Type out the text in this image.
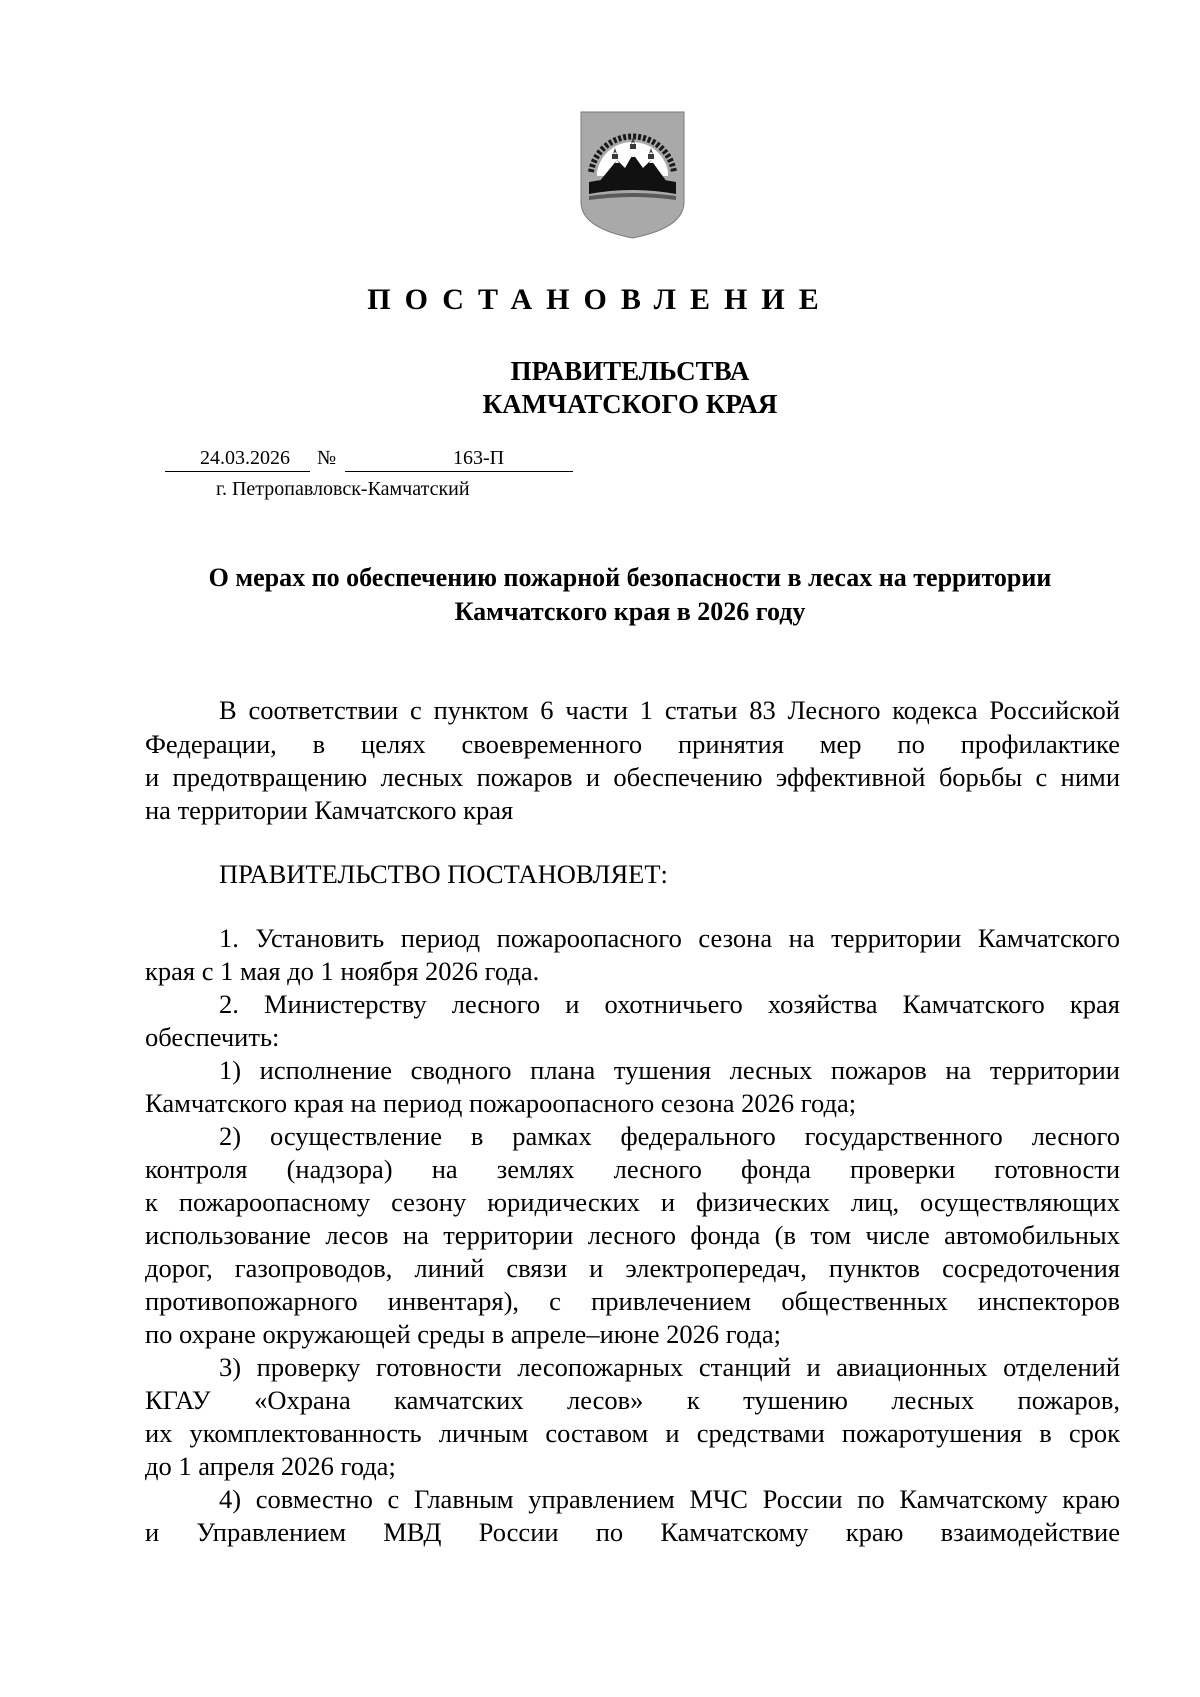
ПОСТАНОВЛЕНИЕ
ПРАВИТЕЛЬСТВА
КАМЧАТСКОГО КРАЯ
24.03.2026 №	163-П
г. Петропавловск-Камчатский
О мерах по обеспечению пожарной безопасности в лесах на территории
Камчатского края в 2026 году
В соответствии с пунктом 6 части 1 статьи 83 Лесного кодекса Российской
Федерации, в целях своевременного принятия мер по профилактике
и предотвращению лесных пожаров и обеспечению эффективной борьбы с ними
на территории Камчатского края
ПРАВИТЕЛЬСТВО ПОСТАНОВЛЯЕТ:
1. Установить период пожароопасного сезона на территории Камчатского
края с 1 мая до 1 ноября 2026 года.
2. Министерству лесного и охотничьего хозяйства Камчатского края
обеспечить:
1) исполнение сводного плана тушения лесных пожаров на территории
Камчатского края на период пожароопасного сезона 2026 года;
2) осуществление в рамках федерального государственного лесного
контроля (надзора) на землях лесного фонда проверки готовности
к пожароопасному сезону юридических и физических лиц, осуществляющих
использование лесов на территории лесного фонда (в том числе автомобильных
дорог, газопроводов, линий связи и электропередач, пунктов сосредоточения
противопожарного инвентаря), с привлечением общественных инспекторов
по охране окружающей среды в апреле–июне 2026 года;
3) проверку готовности лесопожарных станций и авиационных отделений
КГАУ «Охрана камчатских лесов» к тушению лесных пожаров,
их укомплектованность личным составом и средствами пожаротушения в срок
до 1 апреля 2026 года;
4) совместно с Главным управлением МЧС России по Камчатскому краю
и Управлением МВД России по Камчатскому краю взаимодействие
